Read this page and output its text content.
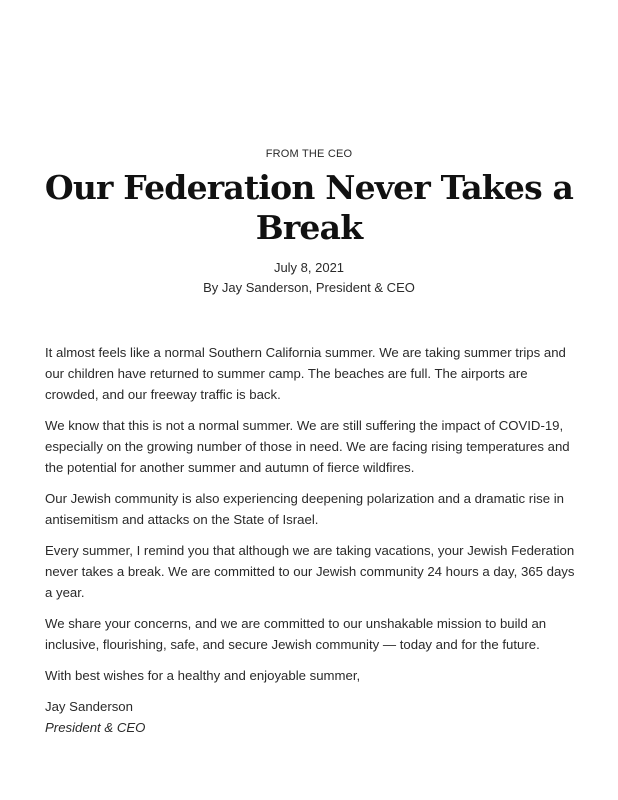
FROM THE CEO
Our Federation Never Takes a Break
July 8, 2021
By Jay Sanderson, President & CEO

It almost feels like a normal Southern California summer. We are taking summer trips and our children have returned to summer camp. The beaches are full. The airports are crowded, and our freeway traffic is back.

We know that this is not a normal summer. We are still suffering the impact of COVID-19, especially on the growing number of those in need. We are facing rising temperatures and the potential for another summer and autumn of fierce wildfires.

Our Jewish community is also experiencing deepening polarization and a dramatic rise in antisemitism and attacks on the State of Israel.

Every summer, I remind you that although we are taking vacations, your Jewish Federation never takes a break. We are committed to our Jewish community 24 hours a day, 365 days a year.

We share your concerns, and we are committed to our unshakable mission to build an inclusive, flourishing, safe, and secure Jewish community — today and for the future.

With best wishes for a healthy and enjoyable summer,

Jay Sanderson
President & CEO
